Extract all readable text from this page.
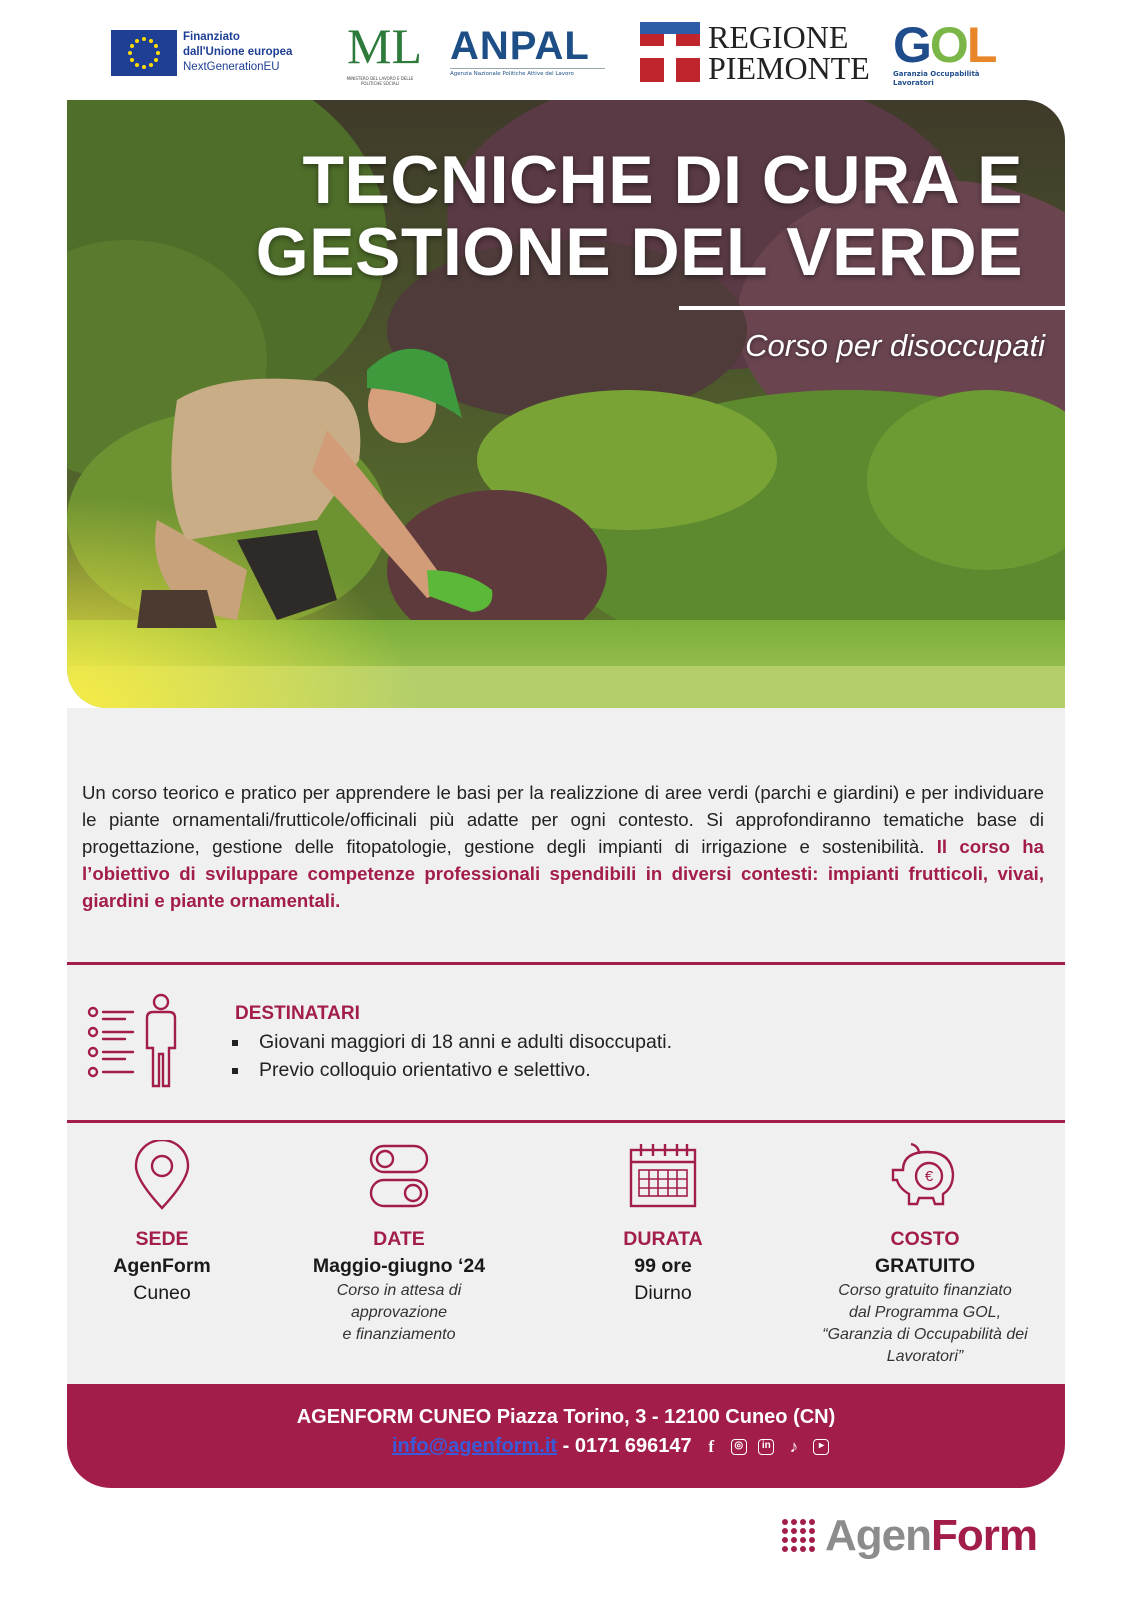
Finanziato
dall'Unione europea
NextGenerationEU ML
MINISTERO DEL LAVORO E DELLE POLITICHE SOCIALI
ANPAL
Agenzia Nazionale Politiche Attive del Lavoro
REGIONE
PIEMONTE GOL
Garanzia Occupabilità Lavoratori
TECNICHE DI CURA E
GESTIONE DEL VERDE
Corso per disoccupati

Un corso teorico e pratico per apprendere le basi per la realizzione di aree verdi (parchi e giardini) e per individuare le piante ornamentali/frutticole/officinali più adatte per ogni contesto. Si approfondiranno tematiche base di progettazione, gestione delle fitopatologie, gestione degli impianti di irrigazione e sostenibilità. Il corso ha l’obiettivo di sviluppare competenze professionali spendibili in diversi contesti: impianti frutticoli, vivai, giardini e piante ornamentali.

DESTINATARI
Giovani maggiori di 18 anni e adulti disoccupati.
Previo colloquio orientativo e selettivo.
SEDE
AgenForm
Cuneo
DATE
Maggio-giugno ‘24
Corso in attesa di
approvazione
e finanziamento
DURATA
99 ore
Diurno
€
COSTO
GRATUITO
Corso gratuito finanziato
dal Programma GOL,
“Garanzia di Occupabilità dei
Lavoratori”
AGENFORM CUNEO Piazza Torino, 3 - 12100 Cuneo (CN)
info@agenform.it - 0171 696147 f ◎ in ♪ ▸
AgenForm
